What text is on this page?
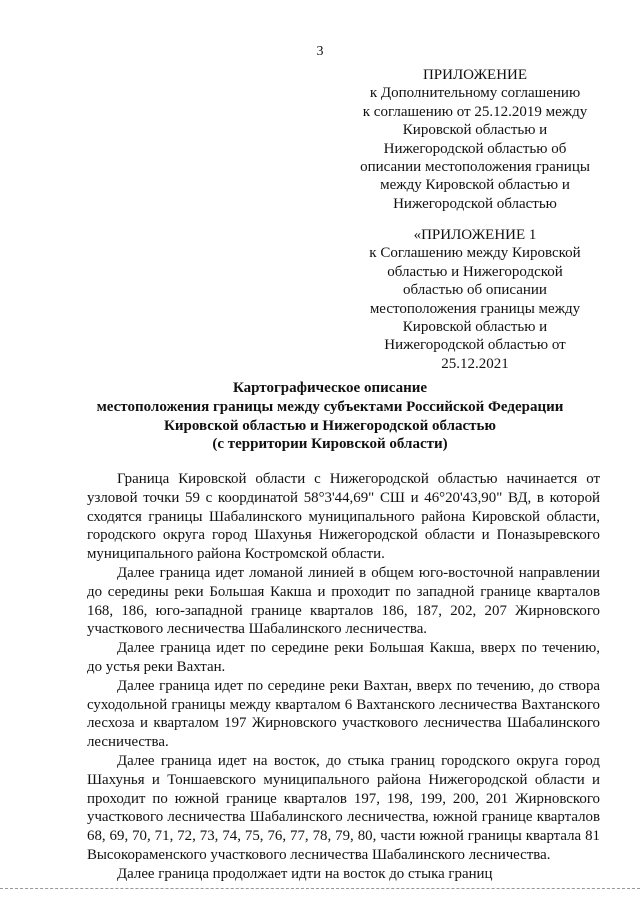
3
ПРИЛОЖЕНИЕ
к Дополнительному соглашению
к соглашению от 25.12.2019 между
Кировской областью и
Нижегородской областью об
описании местоположения границы
между Кировской областью и
Нижегородской областью
«ПРИЛОЖЕНИЕ 1
к Соглашению между Кировской
областью и Нижегородской
областью об описании
местоположения границы между
Кировской областью и
Нижегородской областью от
25.12.2021
Картографическое описание
местоположения границы между субъектами Российской Федерации
Кировской областью и Нижегородской областью
(с территории Кировской области)

Граница Кировской области с Нижегородской областью начинается от узловой точки 59 с координатой 58°3'44,69" СШ и 46°20'43,90" ВД, в которой сходятся границы Шабалинского муниципального района Кировской области, городского округа город Шахунья Нижегородской области и Поназыревского муниципального района Костромской области.

Далее граница идет ломаной линией в общем юго-восточной направлении до середины реки Большая Какша и проходит по западной границе кварталов 168, 186, юго-западной границе кварталов 186, 187, 202, 207 Жирновского участкового лесничества Шабалинского лесничества.

Далее граница идет по середине реки Большая Какша, вверх по течению, до устья реки Вахтан.

Далее граница идет по середине реки Вахтан, вверх по течению, до створа суходольной границы между кварталом 6 Вахтанского лесничества Вахтанского лесхоза и кварталом 197 Жирновского участкового лесничества Шабалинского лесничества.

Далее граница идет на восток, до стыка границ городского округа город Шахунья и Тоншаевского муниципального района Нижегородской области и проходит по южной границе кварталов 197, 198, 199, 200, 201 Жирновского участкового лесничества Шабалинского лесничества, южной границе кварталов 68, 69, 70, 71, 72, 73, 74, 75, 76, 77, 78, 79, 80, части южной границы квартала 81 Высокораменского участкового лесничества Шабалинского лесничества.

Далее граница продолжает идти на восток до стыка границ
